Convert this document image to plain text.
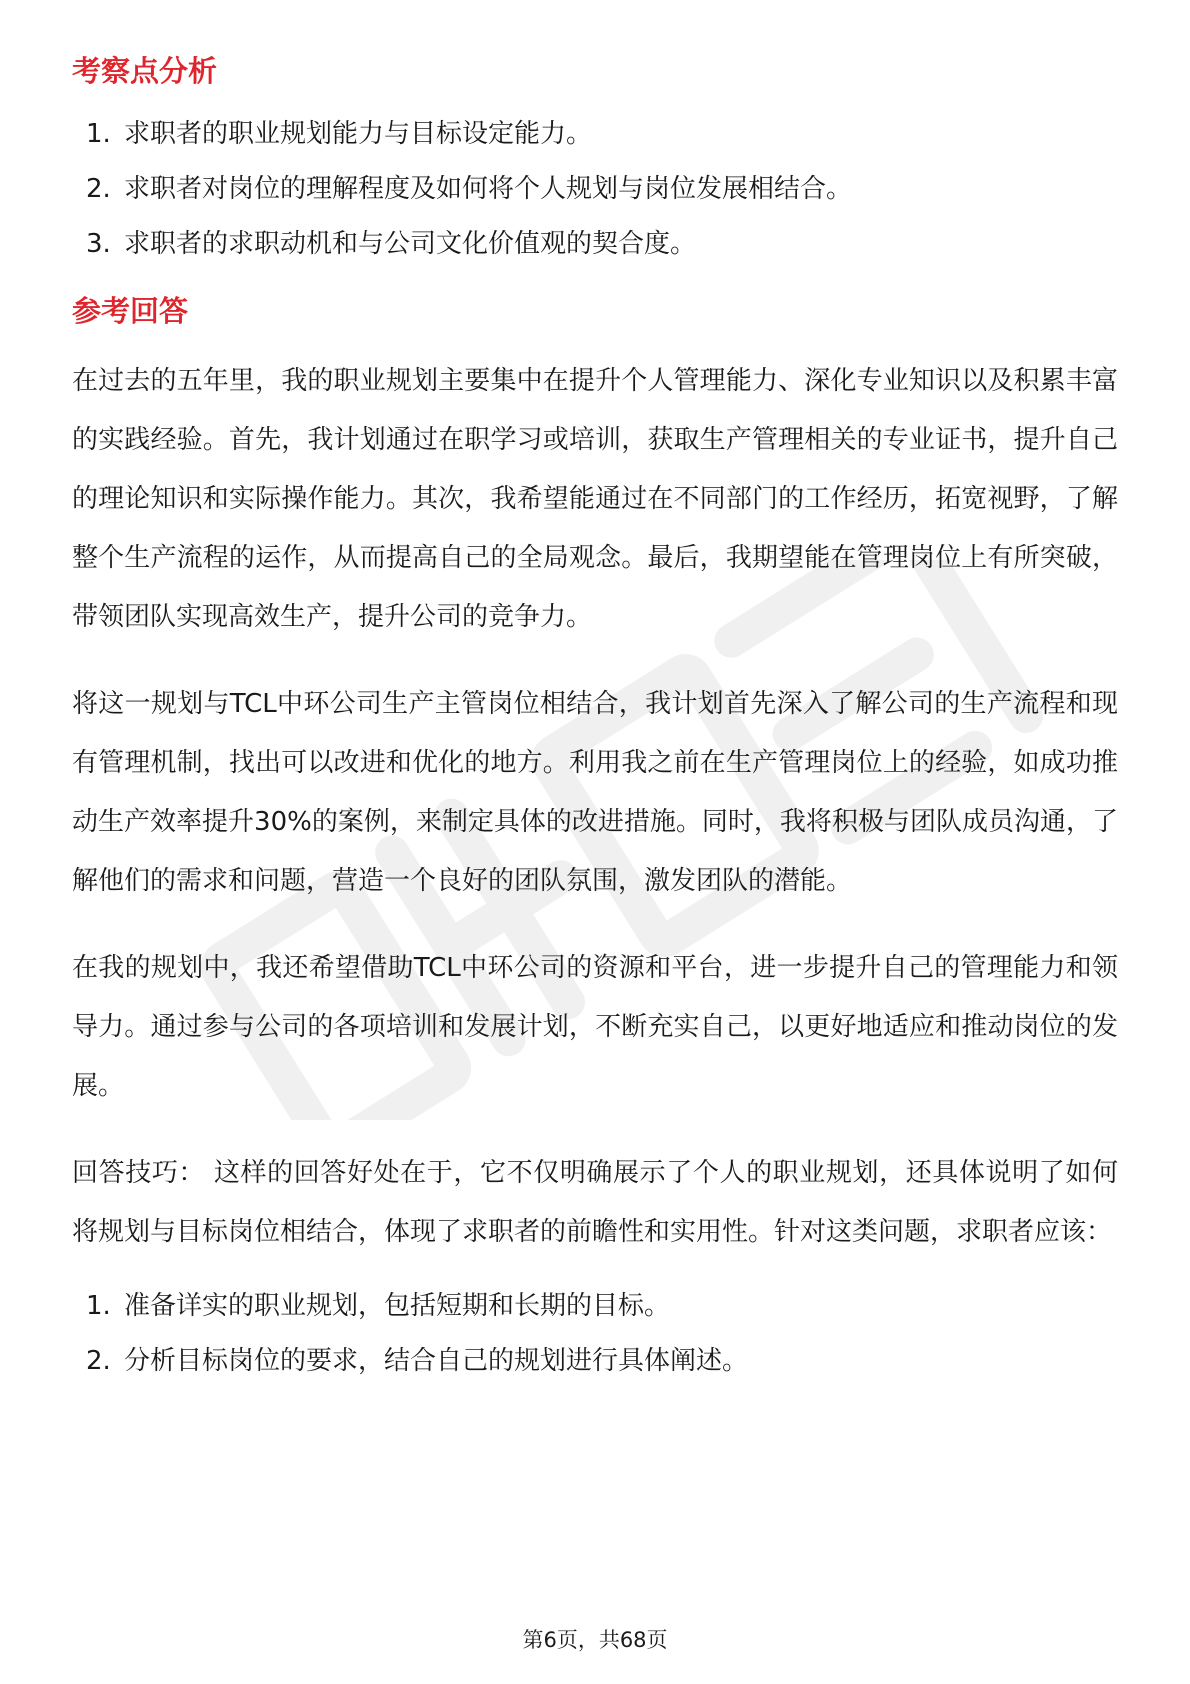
考察点分析
1. 求职者的职业规划能力与目标设定能力。
2. 求职者对岗位的理解程度及如何将个人规划与岗位发展相结合。
3. 求职者的求职动机和与公司文化价值观的契合度。
参考回答

在过去的五年里，我的职业规划主要集中在提升个人管理能力、深化专业知识以及积累丰富的实践经验。首先，我计划通过在职学习或培训，获取生产管理相关的专业证书，提升自己的理论知识和实际操作能力。其次，我希望能通过在不同部门的工作经历，拓宽视野，了解整个生产流程的运作，从而提高自己的全局观念。最后，我期望能在管理岗位上有所突破，带领团队实现高效生产，提升公司的竞争力。

将这一规划与TCL中环公司生产主管岗位相结合，我计划首先深入了解公司的生产流程和现有管理机制，找出可以改进和优化的地方。利用我之前在生产管理岗位上的经验，如成功推动生产效率提升30%的案例，来制定具体的改进措施。同时，我将积极与团队成员沟通，了解他们的需求和问题，营造一个良好的团队氛围，激发团队的潜能。

在我的规划中，我还希望借助TCL中环公司的资源和平台，进一步提升自己的管理能力和领导力。通过参与公司的各项培训和发展计划，不断充实自己，以更好地适应和推动岗位的发展。

回答技巧： 这样的回答好处在于，它不仅明确展示了个人的职业规划，还具体说明了如何将规划与目标岗位相结合，体现了求职者的前瞻性和实用性。针对这类问题，求职者应该：

1. 准备详实的职业规划，包括短期和长期的目标。
2. 分析目标岗位的要求，结合自己的规划进行具体阐述。
第6页，共68页
